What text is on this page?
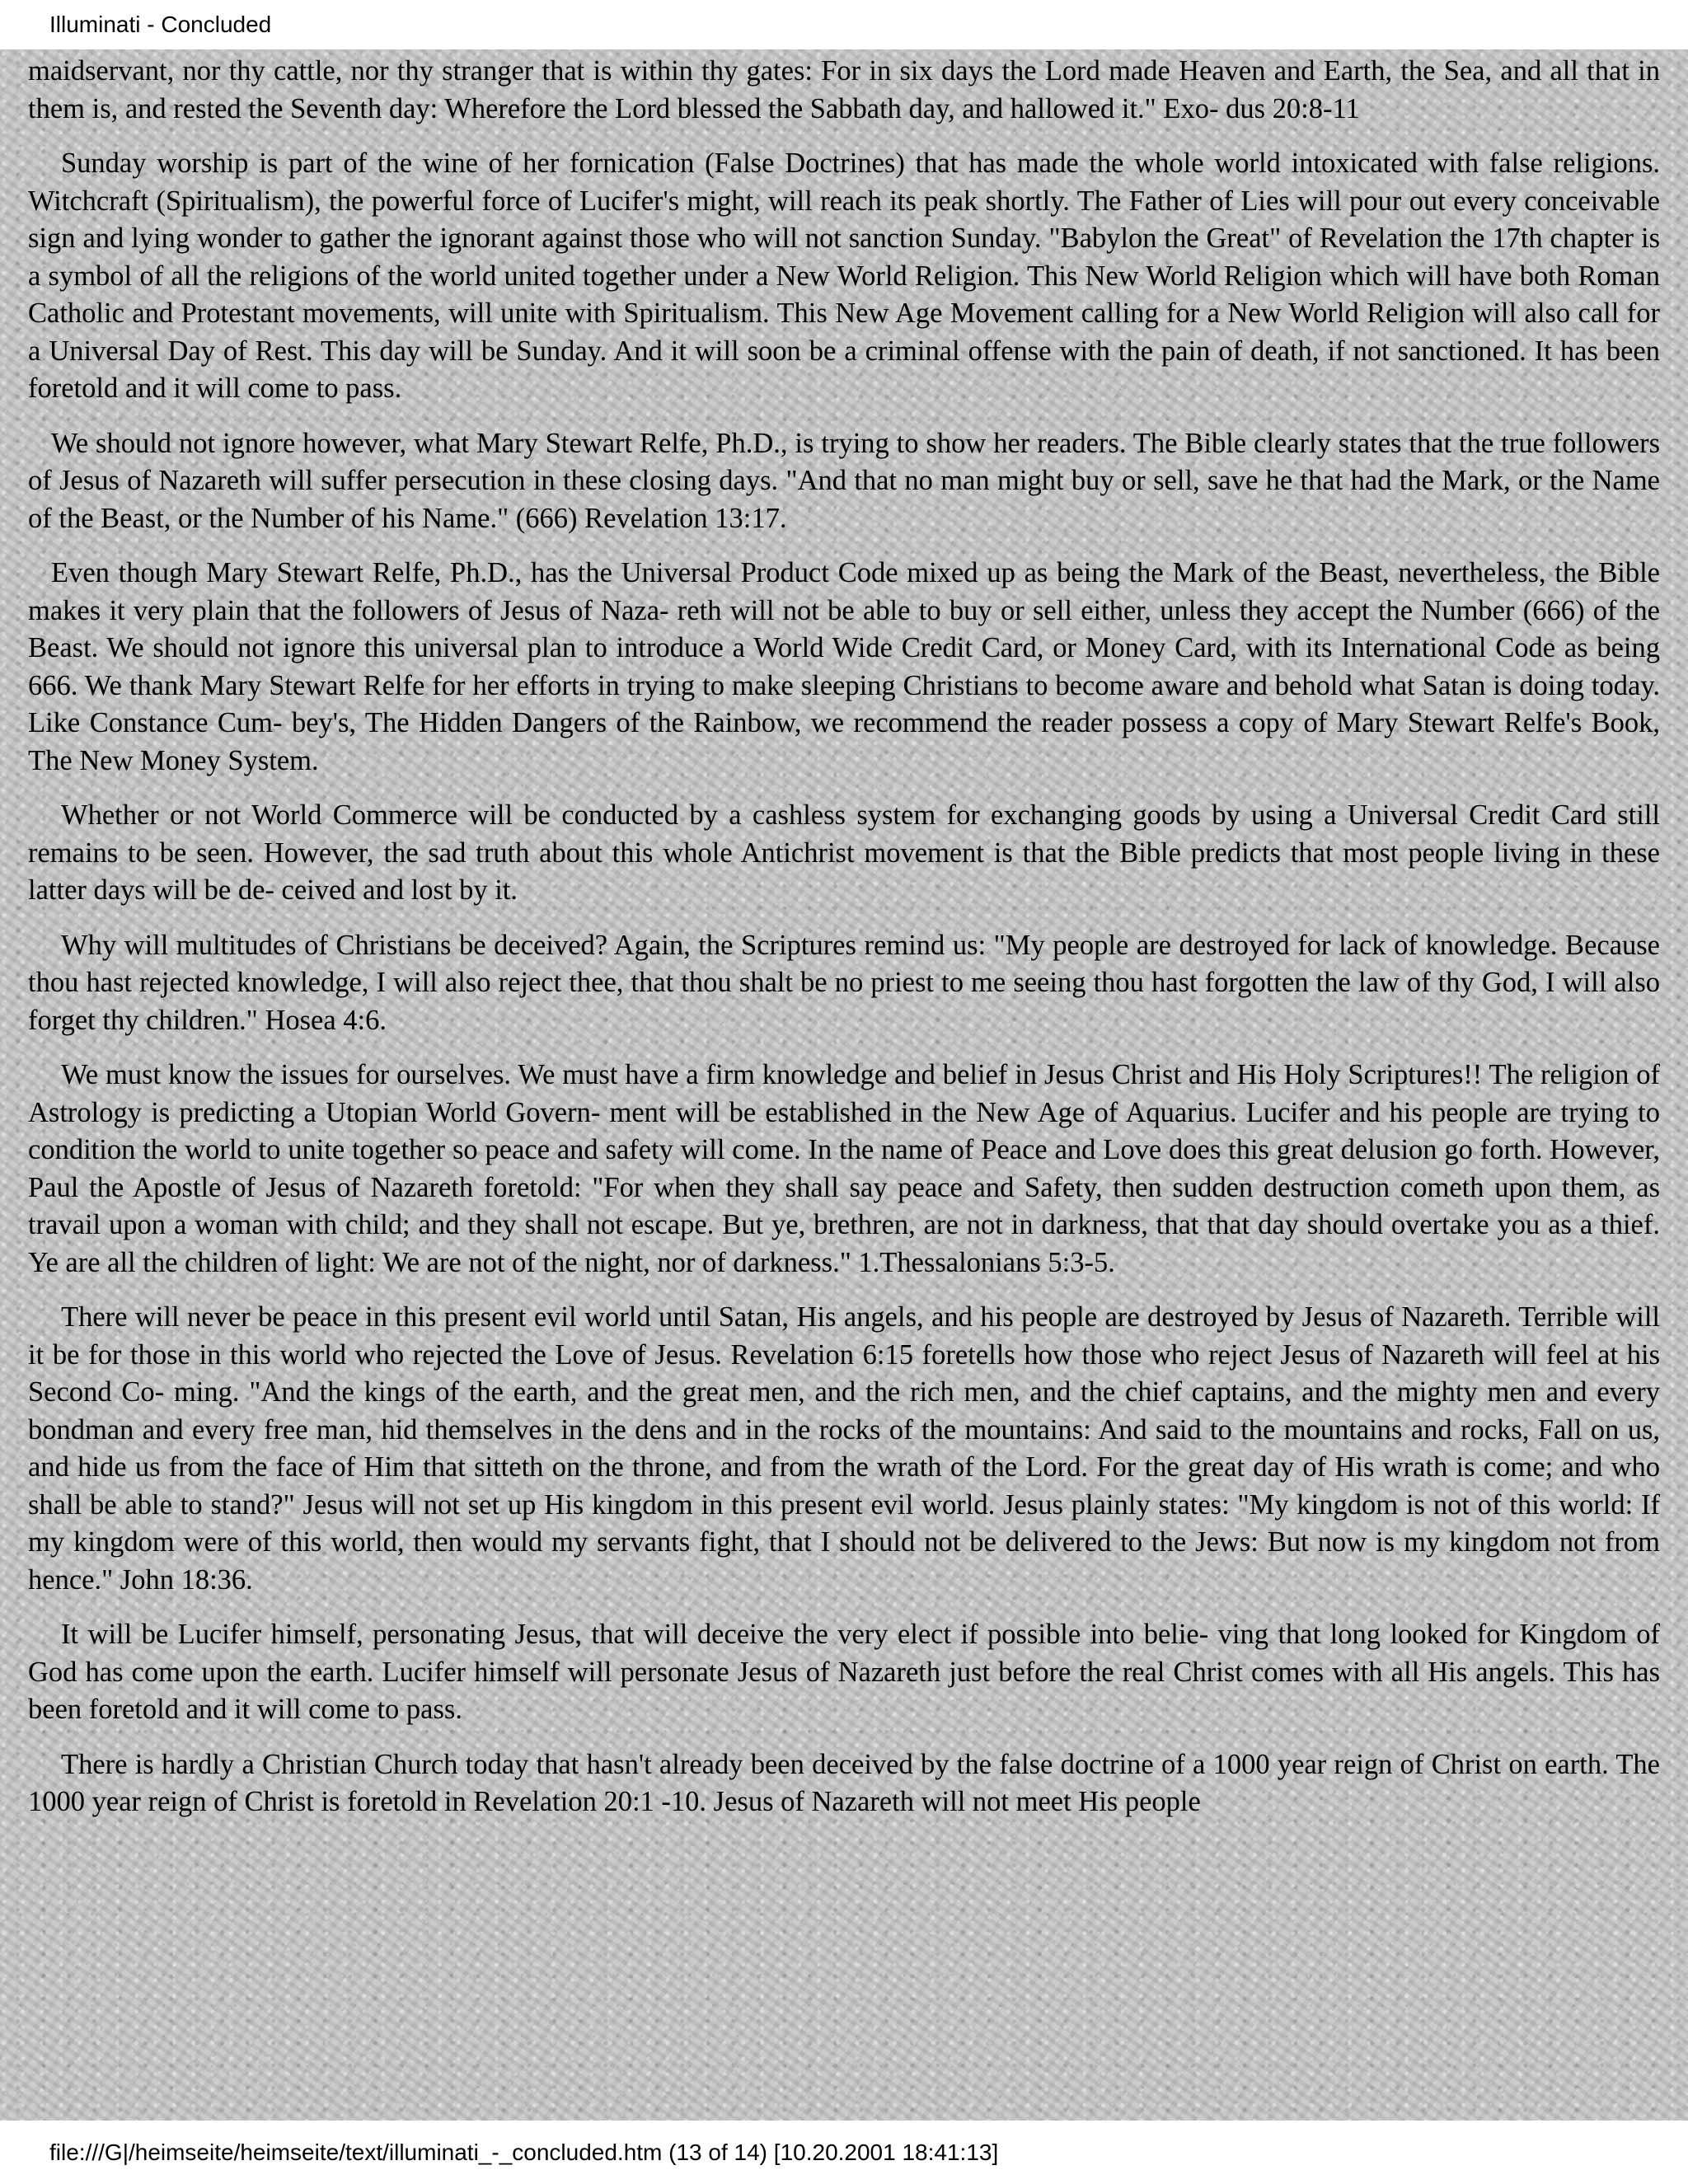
Illuminati - Concluded

maidservant, nor thy cattle, nor thy stranger that is within thy gates: For in six days the Lord made Heaven and Earth, the Sea, and all that in them is, and rested the Seventh day: Wherefore the Lord blessed the Sabbath day, and hallowed it." Exo- dus 20:8-11

Sunday worship is part of the wine of her fornication (False Doctrines) that has made the whole world intoxicated with false religions. Witchcraft (Spiritualism), the powerful force of Lucifer's might, will reach its peak shortly. The Father of Lies will pour out every conceivable sign and lying wonder to gather the ignorant against those who will not sanction Sunday. "Babylon the Great" of Revelation the 17th chapter is a symbol of all the religions of the world united together under a New World Religion. This New World Religion which will have both Roman Catholic and Protestant movements, will unite with Spiritualism. This New Age Movement calling for a New World Religion will also call for a Universal Day of Rest. This day will be Sunday. And it will soon be a criminal offense with the pain of death, if not sanctioned. It has been foretold and it will come to pass.

We should not ignore however, what Mary Stewart Relfe, Ph.D., is trying to show her readers. The Bible clearly states that the true followers of Jesus of Nazareth will suffer persecution in these closing days. "And that no man might buy or sell, save he that had the Mark, or the Name of the Beast, or the Number of his Name." (666) Revelation 13:17.

Even though Mary Stewart Relfe, Ph.D., has the Universal Product Code mixed up as being the Mark of the Beast, nevertheless, the Bible makes it very plain that the followers of Jesus of Naza- reth will not be able to buy or sell either, unless they accept the Number (666) of the Beast. We should not ignore this universal plan to introduce a World Wide Credit Card, or Money Card, with its International Code as being 666. We thank Mary Stewart Relfe for her efforts in trying to make sleeping Christians to become aware and behold what Satan is doing today. Like Constance Cum- bey's, The Hidden Dangers of the Rainbow, we recommend the reader possess a copy of Mary Stewart Relfe's Book, The New Money System.

Whether or not World Commerce will be conducted by a cashless system for exchanging goods by using a Universal Credit Card still remains to be seen. However, the sad truth about this whole Antichrist movement is that the Bible predicts that most people living in these latter days will be de- ceived and lost by it.

Why will multitudes of Christians be deceived? Again, the Scriptures remind us: "My people are destroyed for lack of knowledge. Because thou hast rejected knowledge, I will also reject thee, that thou shalt be no priest to me seeing thou hast forgotten the law of thy God, I will also forget thy children." Hosea 4:6.

We must know the issues for ourselves. We must have a firm knowledge and belief in Jesus Christ and His Holy Scriptures!! The religion of Astrology is predicting a Utopian World Govern- ment will be established in the New Age of Aquarius. Lucifer and his people are trying to condition the world to unite together so peace and safety will come. In the name of Peace and Love does this great delusion go forth. However, Paul the Apostle of Jesus of Nazareth foretold: "For when they shall say peace and Safety, then sudden destruction cometh upon them, as travail upon a woman with child; and they shall not escape. But ye, brethren, are not in darkness, that that day should overtake you as a thief. Ye are all the children of light: We are not of the night, nor of darkness." 1.Thessalonians 5:3-5.

There will never be peace in this present evil world until Satan, His angels, and his people are destroyed by Jesus of Nazareth. Terrible will it be for those in this world who rejected the Love of Jesus. Revelation 6:15 foretells how those who reject Jesus of Nazareth will feel at his Second Co- ming. "And the kings of the earth, and the great men, and the rich men, and the chief captains, and the mighty men and every bondman and every free man, hid themselves in the dens and in the rocks of the mountains: And said to the mountains and rocks, Fall on us, and hide us from the face of Him that sitteth on the throne, and from the wrath of the Lord. For the great day of His wrath is come; and who shall be able to stand?" Jesus will not set up His kingdom in this present evil world. Jesus plainly states: "My kingdom is not of this world: If my kingdom were of this world, then would my servants fight, that I should not be delivered to the Jews: But now is my kingdom not from hence." John 18:36.

It will be Lucifer himself, personating Jesus, that will deceive the very elect if possible into belie- ving that long looked for Kingdom of God has come upon the earth. Lucifer himself will personate Jesus of Nazareth just before the real Christ comes with all His angels. This has been foretold and it will come to pass.

There is hardly a Christian Church today that hasn't already been deceived by the false doctrine of a 1000 year reign of Christ on earth. The 1000 year reign of Christ is foretold in Revelation 20:1 -10. Jesus of Nazareth will not meet His people

file:///G|/heimseite/heimseite/text/illuminati_-_concluded.htm (13 of 14) [10.20.2001 18:41:13]
